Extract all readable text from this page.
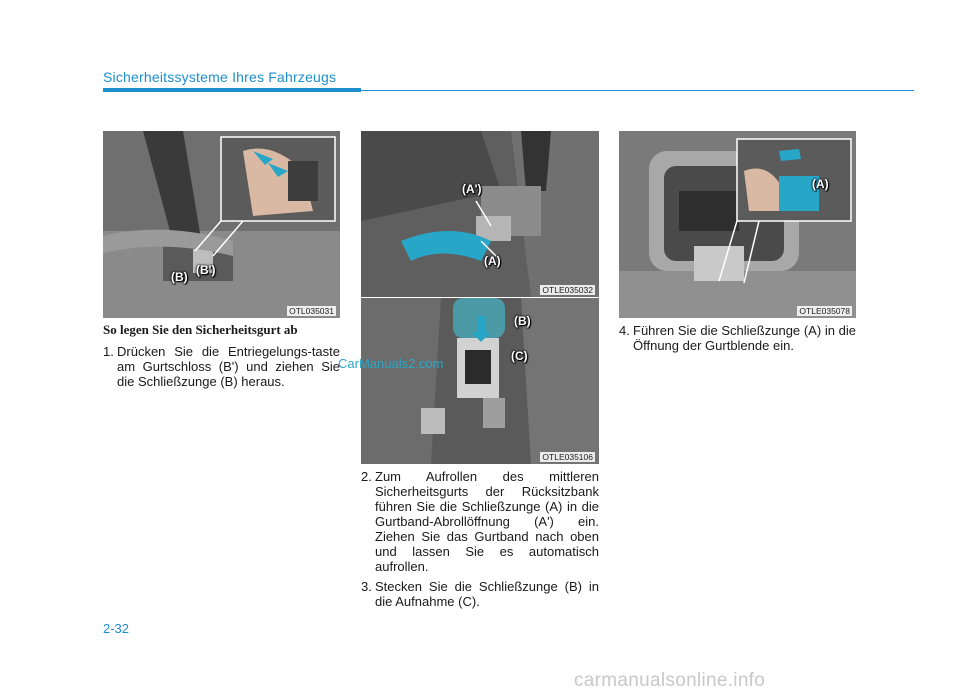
Sicherheitssysteme Ihres Fahrzeugs
(B) (B')
OTL035031
(A')
(A)
OTLE035032
(B)
(C)
OTLE035106
(A)
OTLE035078
So legen Sie den Sicherheitsgurt ab
1. Drücken Sie die Entriegelungs-taste am Gurtschloss (B') und ziehen Sie die Schließzunge (B) heraus.
CarManuals2.com
2. Zum Aufrollen des mittleren Sicherheitsgurts der Rücksitzbank führen Sie die Schließzunge (A) in die Gurtband-Abrollöffnung (A') ein. Ziehen Sie das Gurtband nach oben und lassen Sie es automatisch aufrollen.
3. Stecken Sie die Schließzunge (B) in die Aufnahme (C).
4. Führen Sie die Schließzunge (A) in die Öffnung der Gurtblende ein.
2-32
carmanualsonline.info
